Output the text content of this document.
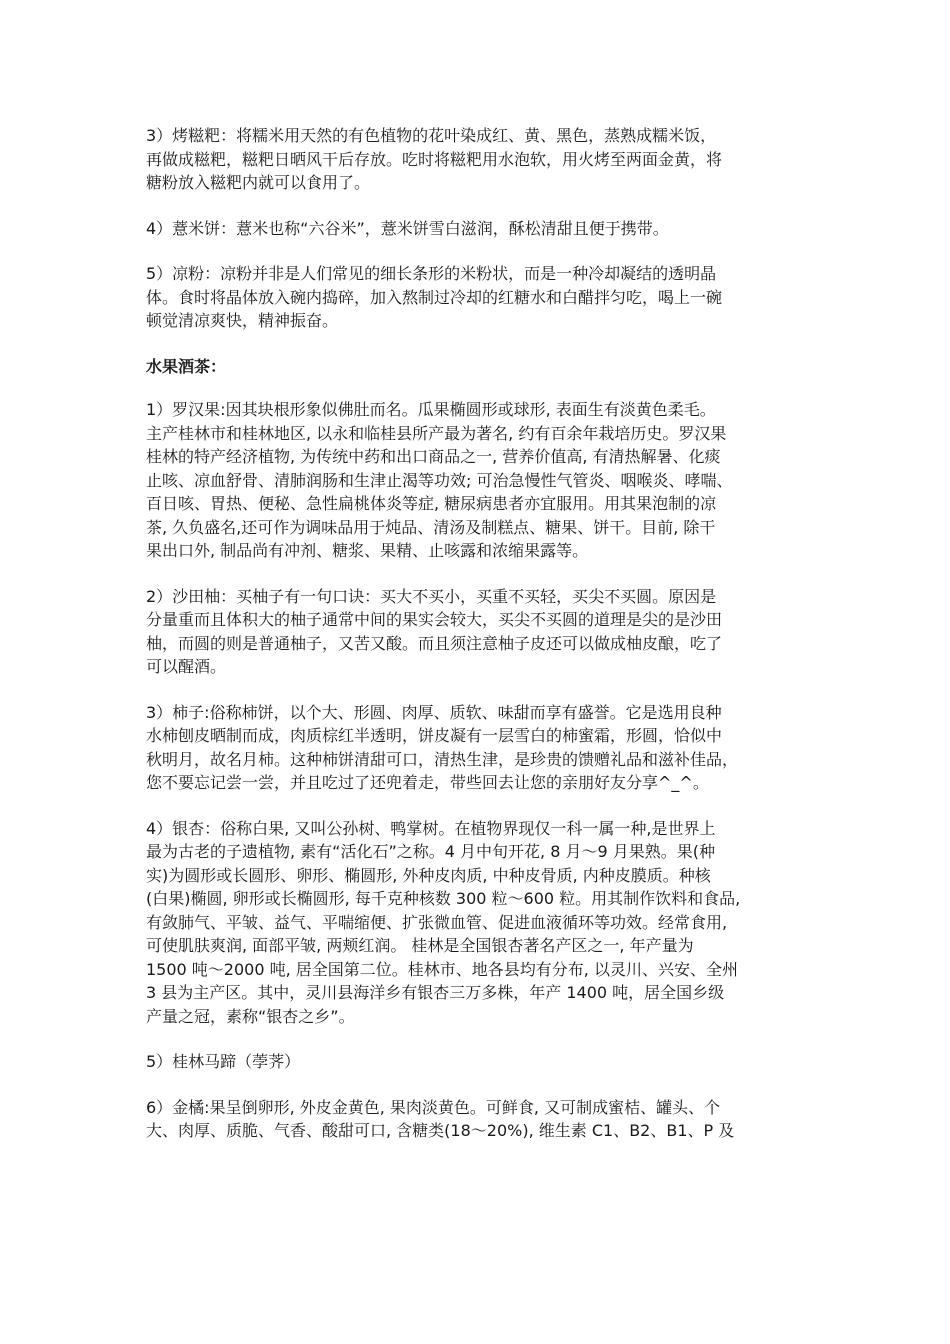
3）烤糍粑：将糯米用天然的有色植物的花叶染成红、黄、黑色，蒸熟成糯米饭，
再做成糍粑，糍粑日晒风干后存放。吃时将糍粑用水泡软，用火烤至两面金黄，将
糖粉放入糍粑内就可以食用了。

4）薏米饼：薏米也称“六谷米”，薏米饼雪白滋润，酥松清甜且便于携带。

5）凉粉：凉粉并非是人们常见的细长条形的米粉状，而是一种冷却凝结的透明晶
体。食时将晶体放入碗内捣碎，加入熬制过冷却的红糖水和白醋拌匀吃，喝上一碗
顿觉清凉爽快，精神振奋。

水果酒茶：

1）罗汉果:因其块根形象似佛肚而名。瓜果椭圆形或球形, 表面生有淡黄色柔毛。
主产桂林市和桂林地区, 以永和临桂县所产最为著名, 约有百余年栽培历史。罗汉果
桂林的特产经济植物, 为传统中药和出口商品之一, 营养价值高, 有清热解暑、化痰
止咳、凉血舒骨、清肺润肠和生津止渴等功效; 可治急慢性气管炎、咽喉炎、哮喘、
百日咳、胃热、便秘、急性扁桃体炎等症, 糖尿病患者亦宜服用。用其果泡制的凉
茶, 久负盛名,还可作为调味品用于炖品、清汤及制糕点、糖果、饼干。目前, 除干
果出口外, 制品尚有冲剂、糖浆、果精、止咳露和浓缩果露等。

2）沙田柚：买柚子有一句口诀：买大不买小，买重不买轻，买尖不买圆。原因是
分量重而且体积大的柚子通常中间的果实会较大，买尖不买圆的道理是尖的是沙田
柚，而圆的则是普通柚子，又苦又酸。而且须注意柚子皮还可以做成柚皮酿，吃了
可以醒酒。

3）柿子:俗称柿饼，以个大、形圆、肉厚、质软、味甜而享有盛誉。它是选用良种
水柿刨皮晒制而成，肉质棕红半透明，饼皮凝有一层雪白的柿蜜霜，形圆，恰似中
秋明月，故名月柿。这种柿饼清甜可口，清热生津，是珍贵的馈赠礼品和滋补佳品，
您不要忘记尝一尝，并且吃过了还兜着走，带些回去让您的亲朋好友分享^_^。

4）银杏：俗称白果, 又叫公孙树、鸭掌树。在植物界现仅一科一属一种,是世界上
最为古老的子遗植物, 素有“活化石”之称。4 月中旬开花, 8 月～9 月果熟。果(种
实)为圆形或长圆形、卵形、椭圆形, 外种皮肉质, 中种皮骨质, 内种皮膜质。种核
(白果)椭圆, 卵形或长椭圆形, 每千克种核数 300 粒～600 粒。用其制作饮料和食品,
有敛肺气、平皱、益气、平喘缩便、扩张微血管、促进血液循环等功效。经常食用,
可使肌肤爽润, 面部平皱, 两颊红润。 桂林是全国银杏著名产区之一, 年产量为
1500 吨～2000 吨, 居全国第二位。桂林市、地各县均有分布, 以灵川、兴安、全州
3 县为主产区。其中，灵川县海洋乡有银杏三万多株，年产 1400 吨，居全国乡级
产量之冠，素称“银杏之乡”。

5）桂林马蹄（荸荠）

6）金橘:果呈倒卵形, 外皮金黄色, 果肉淡黄色。可鲜食, 又可制成蜜桔、罐头、个
大、肉厚、质脆、气香、酸甜可口, 含糖类(18～20%), 维生素 C1、B2、B1、P 及
